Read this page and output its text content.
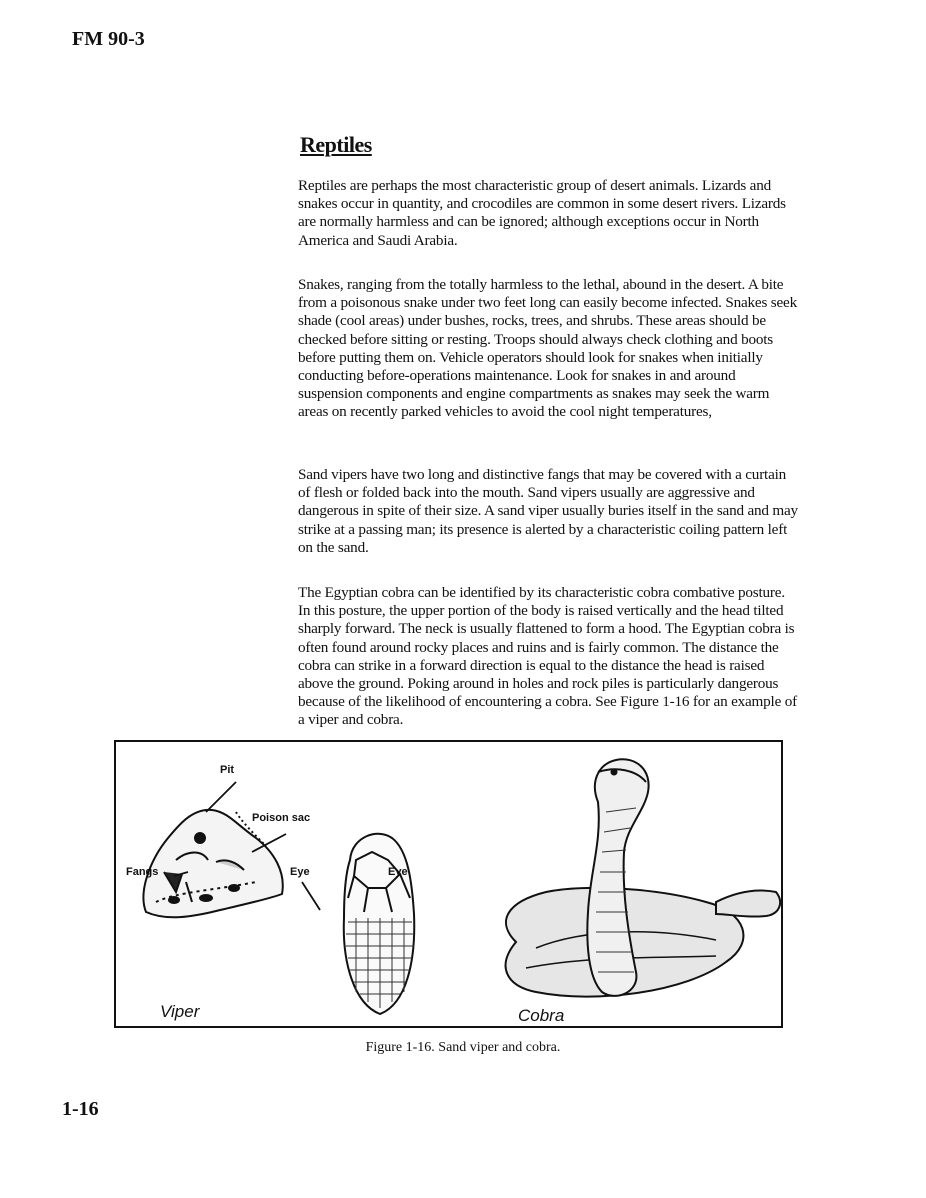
FM 90-3
Reptiles
Reptiles are perhaps the most characteristic group of desert animals. Lizards and snakes occur in quantity, and crocodiles are common in some desert rivers. Lizards are normally harmless and can be ignored; although exceptions occur in North America and Saudi Arabia.
Snakes, ranging from the totally harmless to the lethal, abound in the desert. A bite from a poisonous snake under two feet long can easily become infected. Snakes seek shade (cool areas) under bushes, rocks, trees, and shrubs. These areas should be checked before sitting or resting. Troops should always check clothing and boots before putting them on. Vehicle operators should look for snakes when initially conducting before-operations maintenance. Look for snakes in and around suspension components and engine compartments as snakes may seek the warm areas on recently parked vehicles to avoid the cool night temperatures,
Sand vipers have two long and distinctive fangs that may be covered with a curtain of flesh or folded back into the mouth. Sand vipers usually are aggressive and dangerous in spite of their size. A sand viper usually buries itself in the sand and may strike at a passing man; its presence is alerted by a characteristic coiling pattern left on the sand.
The Egyptian cobra can be identified by its characteristic cobra combative posture. In this posture, the upper portion of the body is raised vertically and the head tilted sharply forward. The neck is usually flattened to form a hood. The Egyptian cobra is often found around rocky places and ruins and is fairly common. The distance the cobra can strike in a forward direction is equal to the distance the head is raised above the ground. Poking around in holes and rock piles is particularly dangerous because of the likelihood of encountering a cobra. See Figure 1-16 for an example of a viper and cobra.
Pit
Poison sac
Fangs	Eye	Eye
Viper	Cobra
Figure 1-16. Sand viper and cobra.
1-16
